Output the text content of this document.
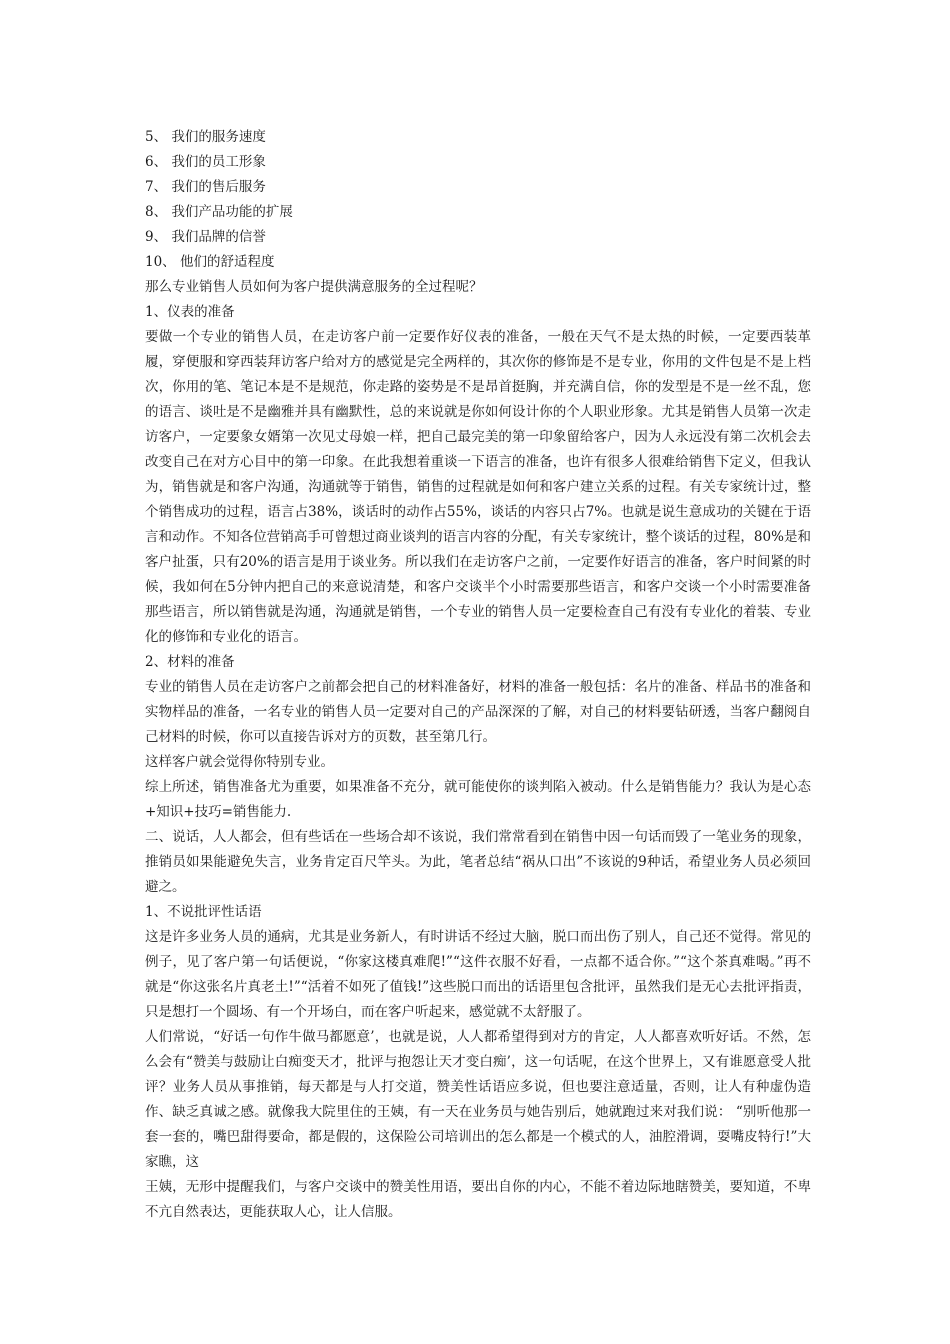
5、 我们的服务速度

6、 我们的员工形象

7、 我们的售后服务

8、 我们产品功能的扩展

9、 我们品牌的信誉

10、 他们的舒适程度

那么专业销售人员如何为客户提供满意服务的全过程呢？

1、仪表的准备

要做一个专业的销售人员，在走访客户前一定要作好仪表的准备，一般在天气不是太热的时候，一定要西装革履，穿便服和穿西装拜访客户给对方的感觉是完全两样的，其次你的修饰是不是专业，你用的文件包是不是上档次，你用的笔、笔记本是不是规范，你走路的姿势是不是昂首挺胸，并充满自信，你的发型是不是一丝不乱，您的语言、谈吐是不是幽雅并具有幽默性，总的来说就是你如何设计你的个人职业形象。尤其是销售人员第一次走访客户，一定要象女婿第一次见丈母娘一样，把自己最完美的第一印象留给客户，因为人永远没有第二次机会去改变自己在对方心目中的第一印象。在此我想着重谈一下语言的准备，也许有很多人很难给销售下定义，但我认为，销售就是和客户沟通，沟通就等于销售，销售的过程就是如何和客户建立关系的过程。有关专家统计过，整个销售成功的过程，语言占38%，谈话时的动作占55%，谈话的内容只占7%。也就是说生意成功的关键在于语言和动作。不知各位营销高手可曾想过商业谈判的语言内容的分配，有关专家统计，整个谈话的过程，80%是和客户扯蛋，只有20%的语言是用于谈业务。所以我们在走访客户之前，一定要作好语言的准备，客户时间紧的时候，我如何在5分钟内把自己的来意说清楚，和客户交谈半个小时需要那些语言，和客户交谈一个小时需要准备那些语言，所以销售就是沟通，沟通就是销售，一个专业的销售人员一定要检查自己有没有专业化的着装、专业化的修饰和专业化的语言。

2、材料的准备

专业的销售人员在走访客户之前都会把自己的材料准备好，材料的准备一般包括：名片的准备、样品书的准备和实物样品的准备，一名专业的销售人员一定要对自己的产品深深的了解，对自己的材料要钻研透，当客户翻阅自己材料的时候，你可以直接告诉对方的页数，甚至第几行。

这样客户就会觉得你特别专业。

综上所述，销售准备尤为重要，如果准备不充分，就可能使你的谈判陷入被动。什么是销售能力？我认为是心态+知识+技巧=销售能力.

二、说话，人人都会，但有些话在一些场合却不该说，我们常常看到在销售中因一句话而毁了一笔业务的现象，推销员如果能避免失言，业务肯定百尺竿头。为此，笔者总结“祸从口出”不该说的9种话，希望业务人员必须回避之。

1、不说批评性话语

这是许多业务人员的通病，尤其是业务新人，有时讲话不经过大脑，脱口而出伤了别人，自己还不觉得。常见的例子，见了客户第一句话便说，“你家这楼真难爬!”“这件衣服不好看，一点都不适合你。”“这个茶真难喝。”再不就是“你这张名片真老土!”“活着不如死了值钱!”这些脱口而出的话语里包含批评，虽然我们是无心去批评指责，只是想打一个圆场、有一个开场白，而在客户听起来，感觉就不太舒服了。

人们常说，“好话一句作牛做马都愿意’，也就是说，人人都希望得到对方的肯定，人人都喜欢听好话。不然，怎么会有“赞美与鼓励让白痴变天才，批评与抱怨让天才变白痴’，这一句话呢，在这个世界上，又有谁愿意受人批评？业务人员从事推销，每天都是与人打交道，赞美性话语应多说，但也要注意适量，否则，让人有种虚伪造作、缺乏真诚之感。就像我大院里住的王姨，有一天在业务员与她告别后，她就跑过来对我们说： “别听他那一套一套的，嘴巴甜得要命，都是假的，这保险公司培训出的怎么都是一个模式的人，油腔滑调，耍嘴皮特行!”大家瞧，这

王姨，无形中提醒我们，与客户交谈中的赞美性用语，要出自你的内心，不能不着边际地瞎赞美，要知道，不卑不亢自然表达，更能获取人心，让人信服。
